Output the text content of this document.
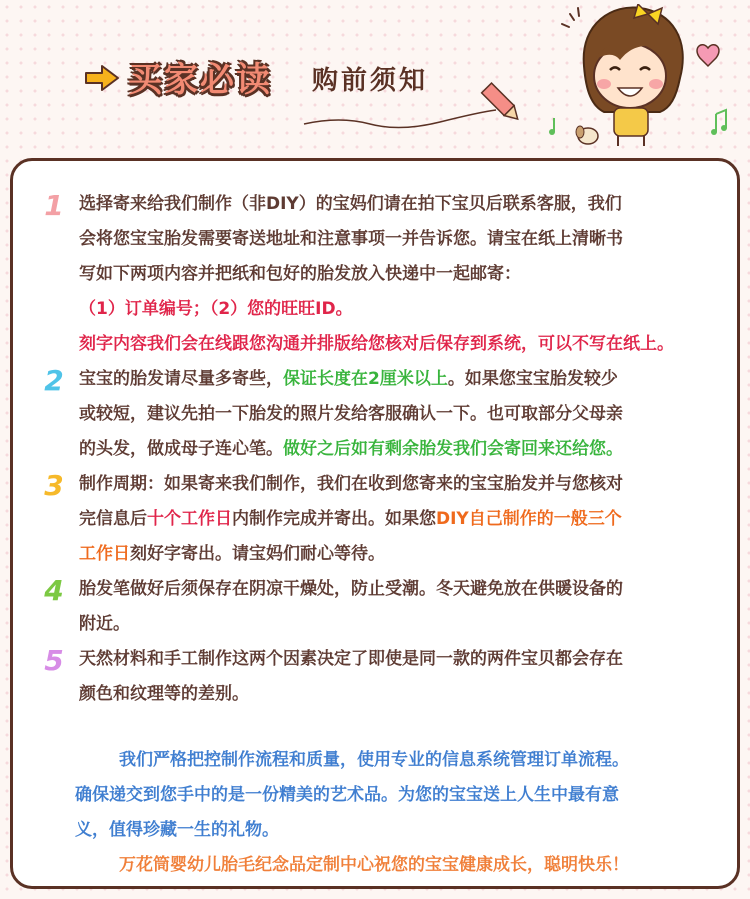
买家必读 购前须知
1 选择寄来给我们制作（非DIY）的宝妈们请在拍下宝贝后联系客服，我们
会将您宝宝胎发需要寄送地址和注意事项一并告诉您。请宝在纸上清晰书
写如下两项内容并把纸和包好的胎发放入快递中一起邮寄：
（1）订单编号；（2）您的旺旺ID。
刻字内容我们会在线跟您沟通并排版给您核对后保存到系统，可以不写在纸上。
2 宝宝的胎发请尽量多寄些，保证长度在2厘米以上。如果您宝宝胎发较少
或较短，建议先拍一下胎发的照片发给客服确认一下。也可取部分父母亲
的头发，做成母子连心笔。做好之后如有剩余胎发我们会寄回来还给您。
3 制作周期：如果寄来我们制作，我们在收到您寄来的宝宝胎发并与您核对
完信息后十个工作日内制作完成并寄出。如果您DIY自己制作的一般三个
工作日刻好字寄出。请宝妈们耐心等待。
4 胎发笔做好后须保存在阴凉干燥处，防止受潮。冬天避免放在供暖设备的
附近。
5 天然材料和手工制作这两个因素决定了即使是同一款的两件宝贝都会存在
颜色和纹理等的差别。
我们严格把控制作流程和质量，使用专业的信息系统管理订单流程。
确保递交到您手中的是一份精美的艺术品。为您的宝宝送上人生中最有意
义，值得珍藏一生的礼物。
万花筒婴幼儿胎毛纪念品定制中心祝您的宝宝健康成长，聪明快乐！
